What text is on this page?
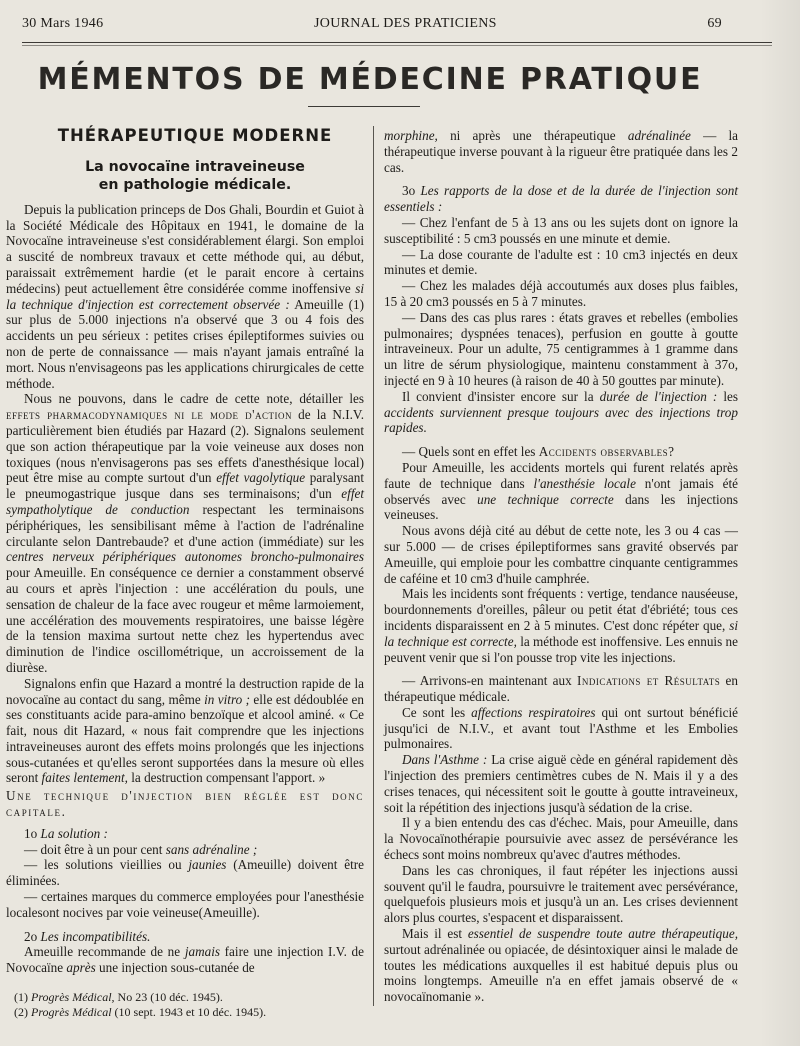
30 Mars 1946	JOURNAL DES PRATICIENS	69
MÉMENTOS DE MÉDECINE PRATIQUE
THÉRAPEUTIQUE MODERNE
La novocaïne intraveineuse
en pathologie médicale.

Depuis la publication princeps de Dos Ghali, Bourdin et Guiot à la Société Médicale des Hôpitaux en 1941, le domaine de la Novocaïne intraveineuse s'est considérablement élargi. Son emploi a suscité de nombreux travaux et cette méthode qui, au début, paraissait extrêmement hardie (et le parait encore à certains médecins) peut actuellement être considérée comme inoffensive si la technique d'injection est correctement observée : Ameuille (1) sur plus de 5.000 injections n'a observé que 3 ou 4 fois des accidents un peu sérieux : petites crises épileptiformes suivies ou non de perte de connaissance — mais n'ayant jamais entraîné la mort. Nous n'envisageons pas les applications chirurgicales de cette méthode.

Nous ne pouvons, dans le cadre de cette note, détailler les effets pharmacodynamiques ni le mode d'action de la N.I.V. particulièrement bien étudiés par Hazard (2). Signalons seulement que son action thérapeutique par la voie veineuse aux doses non toxiques (nous n'envisagerons pas ses effets d'anesthésique local) peut être mise au compte surtout d'un effet vagolytique paralysant le pneumogastrique jusque dans ses terminaisons; d'un effet sympatholytique de conduction respectant les terminaisons périphériques, les sensibilisant même à l'action de l'adrénaline circulante selon Dantrebaude? et d'une action (immédiate) sur les centres nerveux périphériques autonomes broncho-pulmonaires pour Ameuille. En conséquence ce dernier a constamment observé au cours et après l'injection : une accélération du pouls, une sensation de chaleur de la face avec rougeur et même larmoiement, une accélération des mouvements respiratoires, une baisse légère de la tension maxima surtout nette chez les hypertendus avec diminution de l'indice oscillométrique, un accroissement de la diurèse.

Signalons enfin que Hazard a montré la destruction rapide de la novocaïne au contact du sang, même in vitro ; elle est dédoublée en ses constituants acide para-amino benzoïque et alcool aminé. « Ce fait, nous dit Hazard, « nous fait comprendre que les injections intraveineuses auront des effets moins prolongés que les injections sous-cutanées et qu'elles seront supportées dans la mesure où elles seront faites lentement, la destruction compensant l'apport. »

Une technique d'injection bien réglée est donc capitale.

1o La solution :

— doit être à un pour cent sans adrénaline ;

— les solutions vieillies ou jaunies (Ameuille) doivent être éliminées.

— certaines marques du commerce employées pour l'anesthésie localesont nocives par voie veineuse(Ameuille).

2o Les incompatibilités.

Ameuille recommande de ne jamais faire une injection I.V. de Novocaïne après une injection sous-cutanée de

(1) Progrès Médical, No 23 (10 déc. 1945).
(2) Progrès Médical (10 sept. 1943 et 10 déc. 1945).

morphine, ni après une thérapeutique adrénalinée — la thérapeutique inverse pouvant à la rigueur être pratiquée dans les 2 cas.

3o Les rapports de la dose et de la durée de l'injection sont essentiels :

— Chez l'enfant de 5 à 13 ans ou les sujets dont on ignore la susceptibilité : 5 cm3 poussés en une minute et demie.

— La dose courante de l'adulte est : 10 cm3 injectés en deux minutes et demie.

— Chez les malades déjà accoutumés aux doses plus faibles, 15 à 20 cm3 poussés en 5 à 7 minutes.

— Dans des cas plus rares : états graves et rebelles (embolies pulmonaires; dyspnées tenaces), perfusion en goutte à goutte intraveineux. Pour un adulte, 75 centigrammes à 1 gramme dans un litre de sérum physiologique, maintenu constamment à 37o, injecté en 9 à 10 heures (à raison de 40 à 50 gouttes par minute).

Il convient d'insister encore sur la durée de l'injection : les accidents surviennent presque toujours avec des injections trop rapides.

— Quels sont en effet les Accidents observables?

Pour Ameuille, les accidents mortels qui furent relatés après faute de technique dans l'anesthésie locale n'ont jamais été observés avec une technique correcte dans les injections veineuses.

Nous avons déjà cité au début de cette note, les 3 ou 4 cas — sur 5.000 — de crises épileptiformes sans gravité observés par Ameuille, qui emploie pour les combattre cinquante centigrammes de caféine et 10 cm3 d'huile camphrée.

Mais les incidents sont fréquents : vertige, tendance nauséeuse, bourdonnements d'oreilles, pâleur ou petit état d'ébriété; tous ces incidents disparaissent en 2 à 5 minutes. C'est donc répéter que, si la technique est correcte, la méthode est inoffensive. Les ennuis ne peuvent venir que si l'on pousse trop vite les injections.

— Arrivons-en maintenant aux Indications et Résultats en thérapeutique médicale.

Ce sont les affections respiratoires qui ont surtout bénéficié jusqu'ici de N.I.V., et avant tout l'Asthme et les Embolies pulmonaires.

Dans l'Asthme : La crise aiguë cède en général rapidement dès l'injection des premiers centimètres cubes de N. Mais il y a des crises tenaces, qui nécessitent soit le goutte à goutte intraveineux, soit la répétition des injections jusqu'à sédation de la crise.

Il y a bien entendu des cas d'échec. Mais, pour Ameuille, dans la Novocaïnothérapie poursuivie avec assez de persévérance les échecs sont moins nombreux qu'avec d'autres méthodes.

Dans les cas chroniques, il faut répéter les injections aussi souvent qu'il le faudra, poursuivre le traitement avec persévérance, quelquefois plusieurs mois et jusqu'à un an. Les crises deviennent alors plus courtes, s'espacent et disparaissent.

Mais il est essentiel de suspendre toute autre thérapeutique, surtout adrénalinée ou opiacée, de désintoxiquer ainsi le malade de toutes les médications auxquelles il est habitué depuis plus ou moins longtemps. Ameuille n'a en effet jamais observé de « novocaïnomanie ».
